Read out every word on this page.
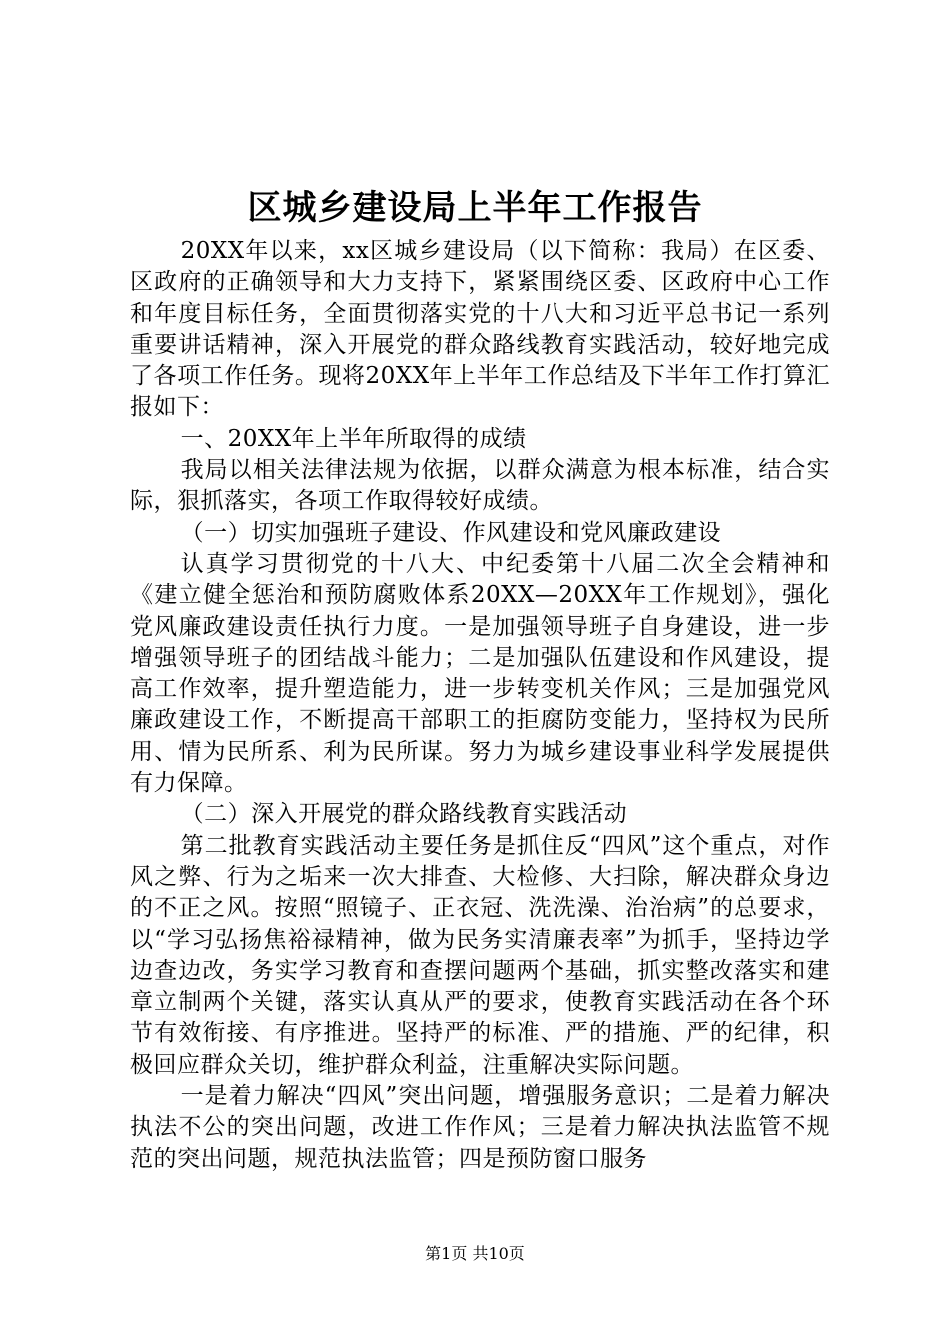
区城乡建设局上半年工作报告

20XX年以来，xx区城乡建设局（以下简称：我局）在区委、区政府的正确领导和大力支持下，紧紧围绕区委、区政府中心工作和年度目标任务，全面贯彻落实党的十八大和习近平总书记一系列重要讲话精神，深入开展党的群众路线教育实践活动，较好地完成了各项工作任务。现将20XX年上半年工作总结及下半年工作打算汇报如下：

一、20XX年上半年所取得的成绩

我局以相关法律法规为依据，以群众满意为根本标准，结合实际，狠抓落实，各项工作取得较好成绩。

（一）切实加强班子建设、作风建设和党风廉政建设

认真学习贯彻党的十八大、中纪委第十八届二次全会精神和《建立健全惩治和预防腐败体系20XX—20XX年工作规划》，强化党风廉政建设责任执行力度。一是加强领导班子自身建设，进一步增强领导班子的团结战斗能力；二是加强队伍建设和作风建设，提高工作效率，提升塑造能力，进一步转变机关作风；三是加强党风廉政建设工作，不断提高干部职工的拒腐防变能力，坚持权为民所用、情为民所系、利为民所谋。努力为城乡建设事业科学发展提供有力保障。

（二）深入开展党的群众路线教育实践活动

第二批教育实践活动主要任务是抓住反“四风”这个重点，对作风之弊、行为之垢来一次大排查、大检修、大扫除，解决群众身边的不正之风。按照“照镜子、正衣冠、洗洗澡、治治病”的总要求，以“学习弘扬焦裕禄精神，做为民务实清廉表率”为抓手，坚持边学边查边改，务实学习教育和查摆问题两个基础，抓实整改落实和建章立制两个关键，落实认真从严的要求，使教育实践活动在各个环节有效衔接、有序推进。坚持严的标准、严的措施、严的纪律，积极回应群众关切，维护群众利益，注重解决实际问题。

一是着力解决“四风”突出问题，增强服务意识；二是着力解决执法不公的突出问题，改进工作作风；三是着力解决执法监管不规范的突出问题，规范执法监管；四是预防窗口服务

第1页 共10页
